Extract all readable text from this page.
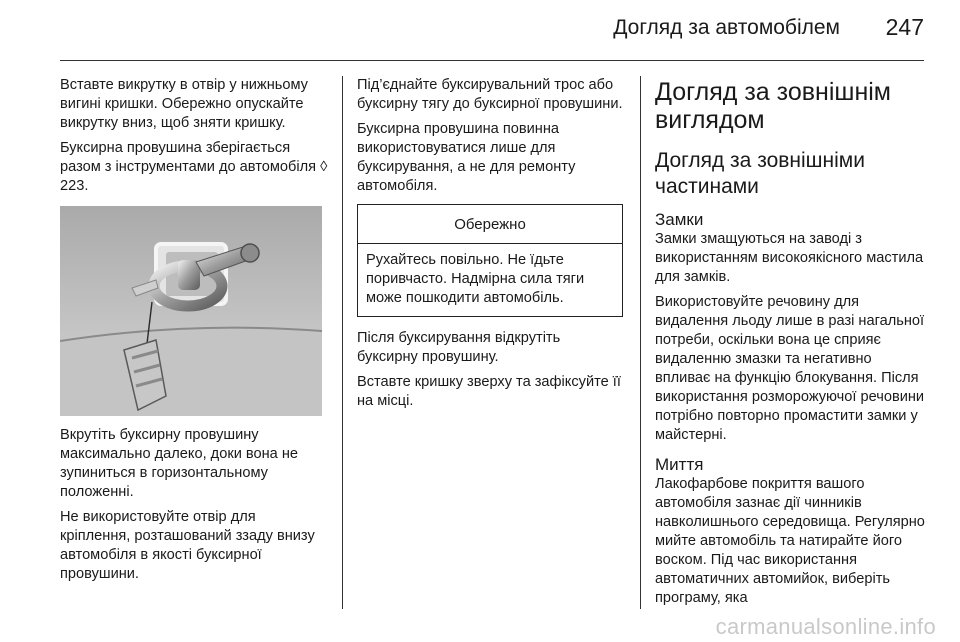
Догляд за автомобілем 247

Вставте викрутку в отвір у нижньому вигині кришки. Обережно опускайте викрутку вниз, щоб зняти кришку.

Буксирна провушина зберігається разом з інструментами до автомобіля ◊ 223.

Вкрутіть буксирну провушину максимально далеко, доки вона не зупиниться в горизонтальному положенні.

Не використовуйте отвір для кріплення, розташований ззаду внизу автомобіля в якості буксирної провушини.

Під’єднайте буксирувальний трос або буксирну тягу до буксирної провушини.

Буксирна провушина повинна використовуватися лише для буксирування, а не для ремонту автомобіля.

Обережно
Рухайтесь повільно. Не їдьте поривчасто. Надмірна сила тяги може пошкодити автомобіль.

Після буксирування відкрутіть буксирну провушину.

Вставте кришку зверху та зафіксуйте її на місці.

Догляд за зовнішнім виглядом
Догляд за зовнішніми частинами
Замки

Замки змащуються на заводі з використанням високоякісного мастила для замків.

Використовуйте речовину для видалення льоду лише в разі нагальної потреби, оскільки вона це сприяє видаленню змазки та негативно впливає на функцію блокування. Після використання розморожуючої речовини потрібно повторно промастити замки у майстерні.

Миття

Лакофарбове покриття вашого автомобіля зазнає дії чинників навколишнього середовища. Регулярно мийте автомобіль та натирайте його воском. Під час використання автоматичних автомийок, виберіть програму, яка

carmanualsonline.info
